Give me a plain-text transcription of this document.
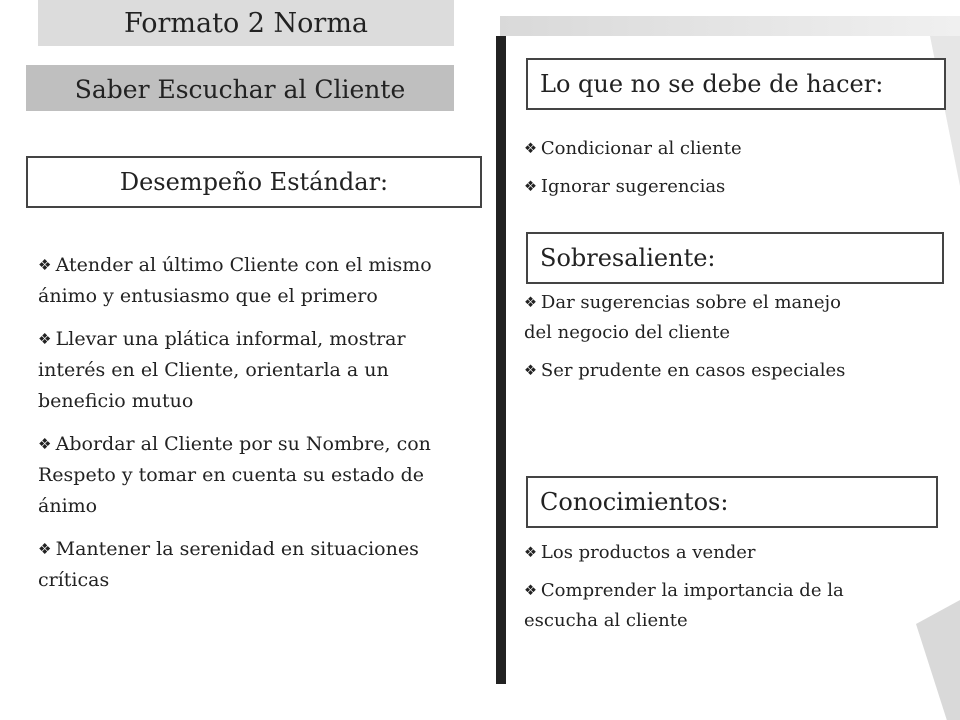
Formato 2 Norma
Saber Escuchar al Cliente
Desempeño Estándar:
❖ Atender al último Cliente con el mismo ánimo y entusiasmo que el primero
❖ Llevar una plática informal, mostrar interés en el Cliente, orientarla a un beneficio mutuo
❖ Abordar al Cliente por su Nombre, con Respeto y tomar en cuenta su estado de ánimo
❖ Mantener la serenidad en situaciones críticas
Lo que no se debe de hacer:
❖ Condicionar al cliente
❖ Ignorar sugerencias
Sobresaliente:
❖ Dar sugerencias sobre el manejo del negocio del cliente
❖ Ser prudente en casos especiales
Conocimientos:
❖ Los productos a vender
❖ Comprender la importancia de la escucha al cliente
